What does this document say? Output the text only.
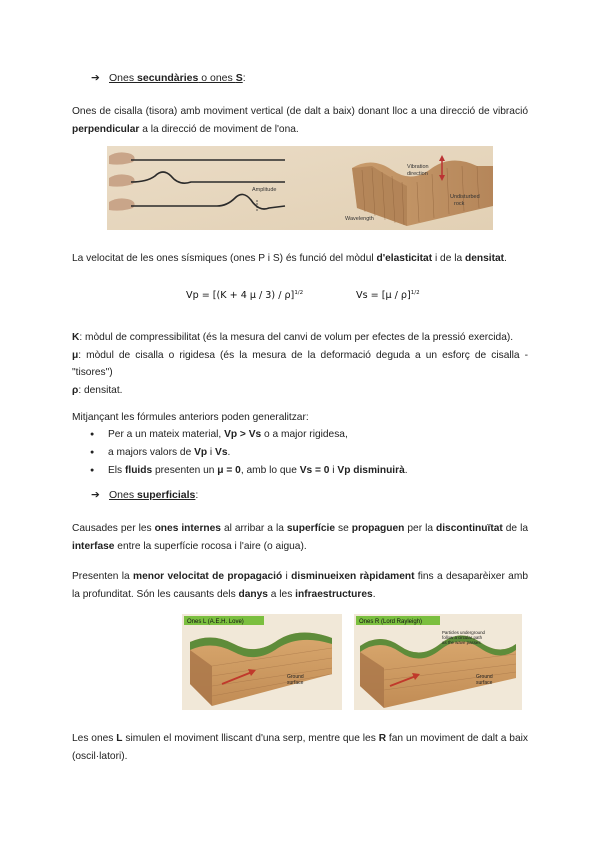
➔ Ones secundàries o ones S:
Ones de cisalla (tisora) amb moviment vertical (de dalt a baix) donant lloc a una direcció de vibració perpendicular a la direcció de moviment de l'ona.
Amplitude
Vibration
direction
Undisturbed
rock
Wavelength
La velocitat de les ones sísmiques (ones P i S) és funció del mòdul d'elasticitat i de la densitat.
Vp = [(K + 4 μ / 3) / ρ]$^{1/2}$	Vs = [μ / ρ]$^{1/2}$
K: mòdul de compressibilitat (és la mesura del canvi de volum per efectes de la pressió exercida).
μ: mòdul de cisalla o rigidesa (és la mesura de la deformació deguda a un esforç de cisalla - "tisores")
ρ: densitat.
Mitjançant les fórmules anteriors poden generalitzar:
● Per a un mateix material, Vp > Vs o a major rigidesa,
● a majors valors de Vp i Vs.
● Els fluids presenten un μ = 0, amb lo que Vs = 0 i Vp disminuirà.
➔ Ones superficials:
Causades per les ones internes al arribar a la superfície se propaguen per la discontinuïtat de la interfase entre la superfície rocosa i l'aire (o aigua).
Presenten la menor velocitat de propagació i disminueixen ràpidament fins a desaparèixer amb la profunditat. Són les causants dels danys a les infraestructures.
Ones L (A.E.H. Love)
Ground
surface
Ones R (Lord Rayleigh)
Particles underground
follow a circular path
as the wave passes
Ground
surface
Les ones L simulen el moviment lliscant d'una serp, mentre que les R fan un moviment de dalt a baix (oscil·latori).
